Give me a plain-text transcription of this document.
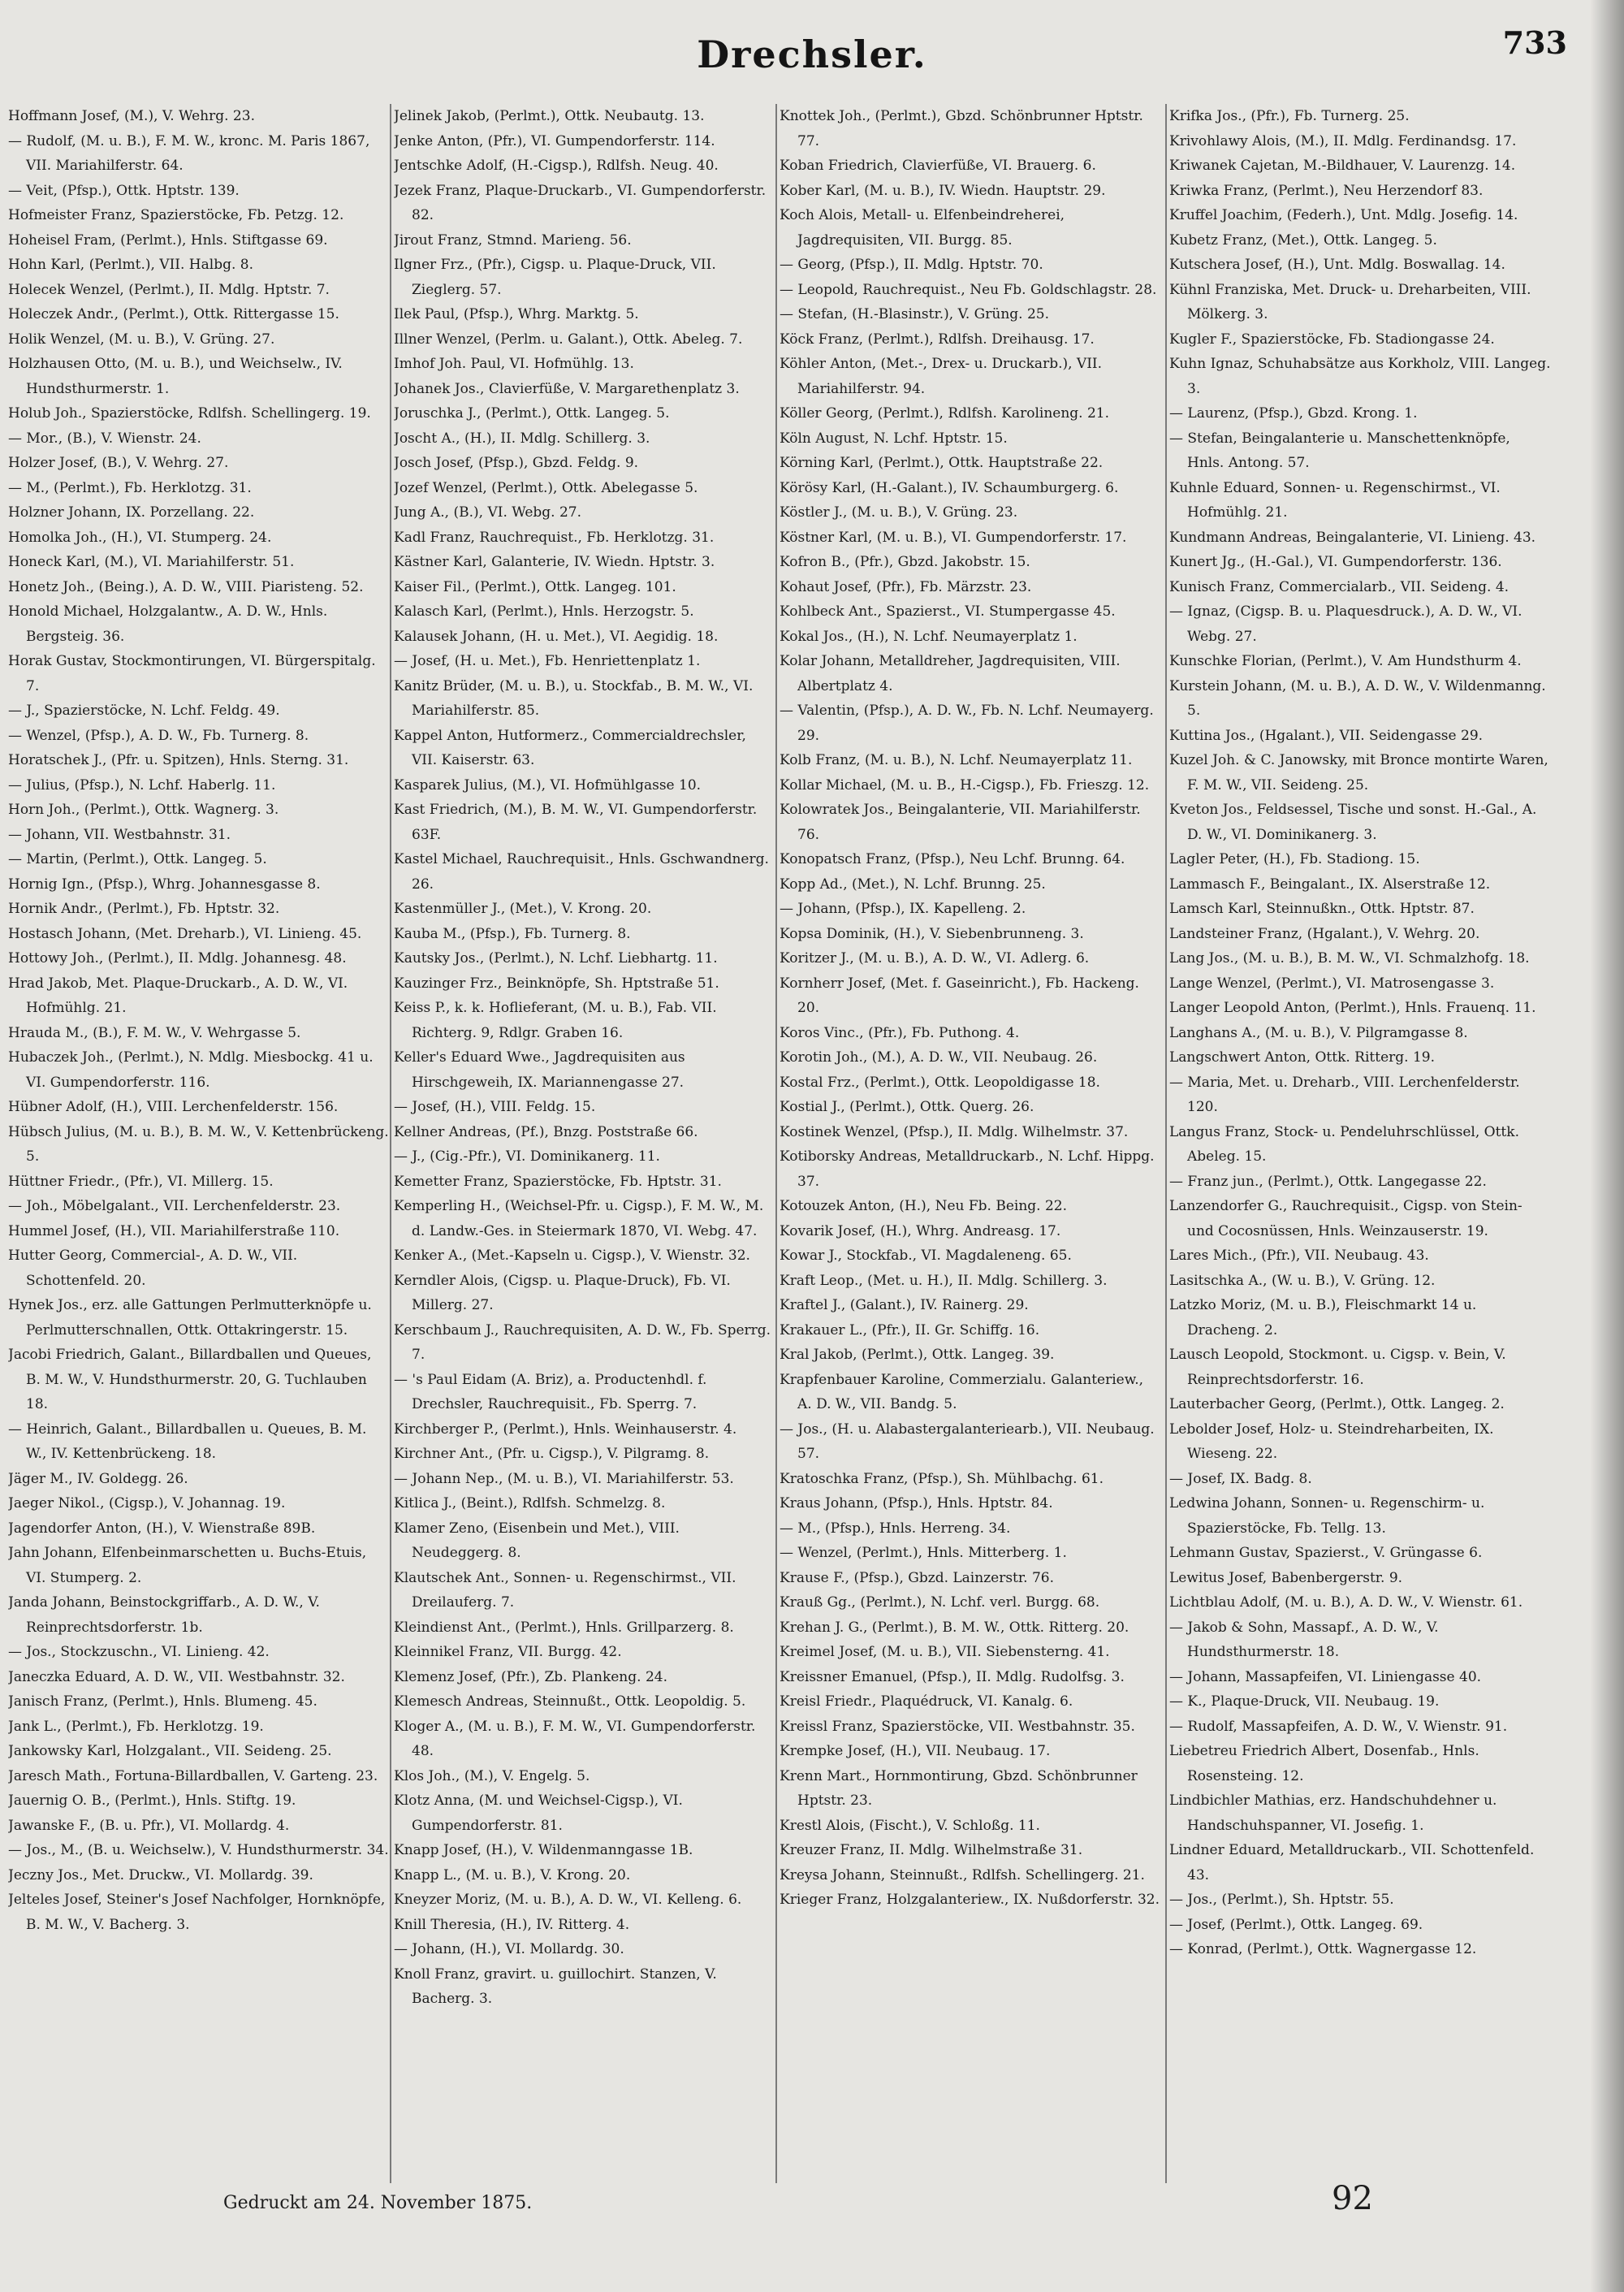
Drechsler.	733

Hoffmann Josef, (M.), V. Wehrg. 23.

— Rudolf, (M. u. B.), F. M. W., kronc. M. Paris 1867, VII. Mariahilferstr. 64.

— Veit, (Pfsp.), Ottk. Hptstr. 139.

Hofmeister Franz, Spazierstöcke, Fb. Petzg. 12.

Hoheisel Fram, (Perlmt.), Hnls. Stiftgasse 69.

Hohn Karl, (Perlmt.), VII. Halbg. 8.

Holecek Wenzel, (Perlmt.), II. Mdlg. Hptstr. 7.

Holeczek Andr., (Perlmt.), Ottk. Rittergasse 15.

Holik Wenzel, (M. u. B.), V. Grüng. 27.

Holzhausen Otto, (M. u. B.), und Weichselw., IV. Hundsthurmerstr. 1.

Holub Joh., Spazierstöcke, Rdlfsh. Schellingerg. 19.

— Mor., (B.), V. Wienstr. 24.

Holzer Josef, (B.), V. Wehrg. 27.

— M., (Perlmt.), Fb. Herklotzg. 31.

Holzner Johann, IX. Porzellang. 22.

Homolka Joh., (H.), VI. Stumperg. 24.

Honeck Karl, (M.), VI. Mariahilferstr. 51.

Honetz Joh., (Being.), A. D. W., VIII. Piaristeng. 52.

Honold Michael, Holzgalantw., A. D. W., Hnls. Bergsteig. 36.

Horak Gustav, Stockmontirungen, VI. Bürgerspitalg. 7.

— J., Spazierstöcke, N. Lchf. Feldg. 49.

— Wenzel, (Pfsp.), A. D. W., Fb. Turnerg. 8.

Horatschek J., (Pfr. u. Spitzen), Hnls. Sterng. 31.

— Julius, (Pfsp.), N. Lchf. Haberlg. 11.

Horn Joh., (Perlmt.), Ottk. Wagnerg. 3.

— Johann, VII. Westbahnstr. 31.

— Martin, (Perlmt.), Ottk. Langeg. 5.

Hornig Ign., (Pfsp.), Whrg. Johannesgasse 8.

Hornik Andr., (Perlmt.), Fb. Hptstr. 32.

Hostasch Johann, (Met. Dreharb.), VI. Linieng. 45.

Hottowy Joh., (Perlmt.), II. Mdlg. Johannesg. 48.

Hrad Jakob, Met. Plaque-Druckarb., A. D. W., VI. Hofmühlg. 21.

Hrauda M., (B.), F. M. W., V. Wehrgasse 5.

Hubaczek Joh., (Perlmt.), N. Mdlg. Miesbockg. 41 u. VI. Gumpendorferstr. 116.

Hübner Adolf, (H.), VIII. Lerchenfelderstr. 156.

Hübsch Julius, (M. u. B.), B. M. W., V. Kettenbrückeng. 5.

Hüttner Friedr., (Pfr.), VI. Millerg. 15.

— Joh., Möbelgalant., VII. Lerchenfelderstr. 23.

Hummel Josef, (H.), VII. Mariahilferstraße 110.

Hutter Georg, Commercial-, A. D. W., VII. Schottenfeld. 20.

Hynek Jos., erz. alle Gattungen Perlmutterknöpfe u. Perlmutterschnallen, Ottk. Ottakringerstr. 15.

Jacobi Friedrich, Galant., Billardballen und Queues, B. M. W., V. Hundsthurmerstr. 20, G. Tuchlauben 18.

— Heinrich, Galant., Billardballen u. Queues, B. M. W., IV. Kettenbrückeng. 18.

Jäger M., IV. Goldegg. 26.

Jaeger Nikol., (Cigsp.), V. Johannag. 19.

Jagendorfer Anton, (H.), V. Wienstraße 89B.

Jahn Johann, Elfenbeinmarschetten u. Buchs-Etuis, VI. Stumperg. 2.

Janda Johann, Beinstockgriffarb., A. D. W., V. Reinprechtsdorferstr. 1b.

— Jos., Stockzuschn., VI. Linieng. 42.

Janeczka Eduard, A. D. W., VII. Westbahnstr. 32.

Janisch Franz, (Perlmt.), Hnls. Blumeng. 45.

Jank L., (Perlmt.), Fb. Herklotzg. 19.

Jankowsky Karl, Holzgalant., VII. Seideng. 25.

Jaresch Math., Fortuna-Billardballen, V. Garteng. 23.

Jauernig O. B., (Perlmt.), Hnls. Stiftg. 19.

Jawanske F., (B. u. Pfr.), VI. Mollardg. 4.

— Jos., M., (B. u. Weichselw.), V. Hundsthurmerstr. 34.

Jeczny Jos., Met. Druckw., VI. Mollardg. 39.

Jelteles Josef, Steiner's Josef Nachfolger, Hornknöpfe, B. M. W., V. Bacherg. 3.

Jelinek Jakob, (Perlmt.), Ottk. Neubautg. 13.

Jenke Anton, (Pfr.), VI. Gumpendorferstr. 114.

Jentschke Adolf, (H.-Cigsp.), Rdlfsh. Neug. 40.

Jezek Franz, Plaque-Druckarb., VI. Gumpendorferstr. 82.

Jirout Franz, Stmnd. Marieng. 56.

Ilgner Frz., (Pfr.), Cigsp. u. Plaque-Druck, VII. Zieglerg. 57.

Ilek Paul, (Pfsp.), Whrg. Marktg. 5.

Illner Wenzel, (Perlm. u. Galant.), Ottk. Abeleg. 7.

Imhof Joh. Paul, VI. Hofmühlg. 13.

Johanek Jos., Clavierfüße, V. Margarethenplatz 3.

Joruschka J., (Perlmt.), Ottk. Langeg. 5.

Joscht A., (H.), II. Mdlg. Schillerg. 3.

Josch Josef, (Pfsp.), Gbzd. Feldg. 9.

Jozef Wenzel, (Perlmt.), Ottk. Abelegasse 5.

Jung A., (B.), VI. Webg. 27.

Kadl Franz, Rauchrequist., Fb. Herklotzg. 31.

Kästner Karl, Galanterie, IV. Wiedn. Hptstr. 3.

Kaiser Fil., (Perlmt.), Ottk. Langeg. 101.

Kalasch Karl, (Perlmt.), Hnls. Herzogstr. 5.

Kalausek Johann, (H. u. Met.), VI. Aegidig. 18.

— Josef, (H. u. Met.), Fb. Henriettenplatz 1.

Kanitz Brüder, (M. u. B.), u. Stockfab., B. M. W., VI. Mariahilferstr. 85.

Kappel Anton, Hutformerz., Commercialdrechsler, VII. Kaiserstr. 63.

Kasparek Julius, (M.), VI. Hofmühlgasse 10.

Kast Friedrich, (M.), B. M. W., VI. Gumpendorferstr. 63F.

Kastel Michael, Rauchrequisit., Hnls. Gschwandnerg. 26.

Kastenmüller J., (Met.), V. Krong. 20.

Kauba M., (Pfsp.), Fb. Turnerg. 8.

Kautsky Jos., (Perlmt.), N. Lchf. Liebhartg. 11.

Kauzinger Frz., Beinknöpfe, Sh. Hptstraße 51.

Keiss P., k. k. Hoflieferant, (M. u. B.), Fab. VII. Richterg. 9, Rdlgr. Graben 16.

Keller's Eduard Wwe., Jagdrequisiten aus Hirschgeweih, IX. Mariannengasse 27.

— Josef, (H.), VIII. Feldg. 15.

Kellner Andreas, (Pf.), Bnzg. Poststraße 66.

— J., (Cig.-Pfr.), VI. Dominikanerg. 11.

Kemetter Franz, Spazierstöcke, Fb. Hptstr. 31.

Kemperling H., (Weichsel-Pfr. u. Cigsp.), F. M. W., M. d. Landw.-Ges. in Steiermark 1870, VI. Webg. 47.

Kenker A., (Met.-Kapseln u. Cigsp.), V. Wienstr. 32.

Kerndler Alois, (Cigsp. u. Plaque-Druck), Fb. VI. Millerg. 27.

Kerschbaum J., Rauchrequisiten, A. D. W., Fb. Sperrg. 7.

— 's Paul Eidam (A. Briz), a. Productenhdl. f. Drechsler, Rauchrequisit., Fb. Sperrg. 7.

Kirchberger P., (Perlmt.), Hnls. Weinhauserstr. 4.

Kirchner Ant., (Pfr. u. Cigsp.), V. Pilgramg. 8.

— Johann Nep., (M. u. B.), VI. Mariahilferstr. 53.

Kitlica J., (Beint.), Rdlfsh. Schmelzg. 8.

Klamer Zeno, (Eisenbein und Met.), VIII. Neudeggerg. 8.

Klautschek Ant., Sonnen- u. Regenschirmst., VII. Dreilauferg. 7.

Kleindienst Ant., (Perlmt.), Hnls. Grillparzerg. 8.

Kleinnikel Franz, VII. Burgg. 42.

Klemenz Josef, (Pfr.), Zb. Plankeng. 24.

Klemesch Andreas, Steinnußt., Ottk. Leopoldig. 5.

Kloger A., (M. u. B.), F. M. W., VI. Gumpendorferstr. 48.

Klos Joh., (M.), V. Engelg. 5.

Klotz Anna, (M. und Weichsel-Cigsp.), VI. Gumpendorferstr. 81.

Knapp Josef, (H.), V. Wildenmanngasse 1B.

Knapp L., (M. u. B.), V. Krong. 20.

Kneyzer Moriz, (M. u. B.), A. D. W., VI. Kelleng. 6.

Knill Theresia, (H.), IV. Ritterg. 4.

— Johann, (H.), VI. Mollardg. 30.

Knoll Franz, gravirt. u. guillochirt. Stanzen, V. Bacherg. 3.

Knottek Joh., (Perlmt.), Gbzd. Schönbrunner Hptstr. 77.

Koban Friedrich, Clavierfüße, VI. Brauerg. 6.

Kober Karl, (M. u. B.), IV. Wiedn. Hauptstr. 29.

Koch Alois, Metall- u. Elfenbeindreherei, Jagdrequisiten, VII. Burgg. 85.

— Georg, (Pfsp.), II. Mdlg. Hptstr. 70.

— Leopold, Rauchrequist., Neu Fb. Goldschlagstr. 28.

— Stefan, (H.-Blasinstr.), V. Grüng. 25.

Köck Franz, (Perlmt.), Rdlfsh. Dreihausg. 17.

Köhler Anton, (Met.-, Drex- u. Druckarb.), VII. Mariahilferstr. 94.

Köller Georg, (Perlmt.), Rdlfsh. Karolineng. 21.

Köln August, N. Lchf. Hptstr. 15.

Körning Karl, (Perlmt.), Ottk. Hauptstraße 22.

Körösy Karl, (H.-Galant.), IV. Schaumburgerg. 6.

Köstler J., (M. u. B.), V. Grüng. 23.

Köstner Karl, (M. u. B.), VI. Gumpendorferstr. 17.

Kofron B., (Pfr.), Gbzd. Jakobstr. 15.

Kohaut Josef, (Pfr.), Fb. Märzstr. 23.

Kohlbeck Ant., Spazierst., VI. Stumpergasse 45.

Kokal Jos., (H.), N. Lchf. Neumayerplatz 1.

Kolar Johann, Metalldreher, Jagdrequisiten, VIII. Albertplatz 4.

— Valentin, (Pfsp.), A. D. W., Fb. N. Lchf. Neumayerg. 29.

Kolb Franz, (M. u. B.), N. Lchf. Neumayerplatz 11.

Kollar Michael, (M. u. B., H.-Cigsp.), Fb. Frieszg. 12.

Kolowratek Jos., Beingalanterie, VII. Mariahilferstr. 76.

Konopatsch Franz, (Pfsp.), Neu Lchf. Brunng. 64.

Kopp Ad., (Met.), N. Lchf. Brunng. 25.

— Johann, (Pfsp.), IX. Kapelleng. 2.

Kopsa Dominik, (H.), V. Siebenbrunneng. 3.

Koritzer J., (M. u. B.), A. D. W., VI. Adlerg. 6.

Kornherr Josef, (Met. f. Gaseinricht.), Fb. Hackeng. 20.

Koros Vinc., (Pfr.), Fb. Puthong. 4.

Korotin Joh., (M.), A. D. W., VII. Neubaug. 26.

Kostal Frz., (Perlmt.), Ottk. Leopoldigasse 18.

Kostial J., (Perlmt.), Ottk. Querg. 26.

Kostinek Wenzel, (Pfsp.), II. Mdlg. Wilhelmstr. 37.

Kotiborsky Andreas, Metalldruckarb., N. Lchf. Hippg. 37.

Kotouzek Anton, (H.), Neu Fb. Being. 22.

Kovarik Josef, (H.), Whrg. Andreasg. 17.

Kowar J., Stockfab., VI. Magdaleneng. 65.

Kraft Leop., (Met. u. H.), II. Mdlg. Schillerg. 3.

Kraftel J., (Galant.), IV. Rainerg. 29.

Krakauer L., (Pfr.), II. Gr. Schiffg. 16.

Kral Jakob, (Perlmt.), Ottk. Langeg. 39.

Krapfenbauer Karoline, Commerzialu. Galanteriew., A. D. W., VII. Bandg. 5.

— Jos., (H. u. Alabastergalanteriearb.), VII. Neubaug. 57.

Kratoschka Franz, (Pfsp.), Sh. Mühlbachg. 61.

Kraus Johann, (Pfsp.), Hnls. Hptstr. 84.

— M., (Pfsp.), Hnls. Herreng. 34.

— Wenzel, (Perlmt.), Hnls. Mitterberg. 1.

Krause F., (Pfsp.), Gbzd. Lainzerstr. 76.

Krauß Gg., (Perlmt.), N. Lchf. verl. Burgg. 68.

Krehan J. G., (Perlmt.), B. M. W., Ottk. Ritterg. 20.

Kreimel Josef, (M. u. B.), VII. Siebensterng. 41.

Kreissner Emanuel, (Pfsp.), II. Mdlg. Rudolfsg. 3.

Kreisl Friedr., Plaquédruck, VI. Kanalg. 6.

Kreissl Franz, Spazierstöcke, VII. Westbahnstr. 35.

Krempke Josef, (H.), VII. Neubaug. 17.

Krenn Mart., Hornmontirung, Gbzd. Schönbrunner Hptstr. 23.

Krestl Alois, (Fischt.), V. Schloßg. 11.

Kreuzer Franz, II. Mdlg. Wilhelmstraße 31.

Kreysa Johann, Steinnußt., Rdlfsh. Schellingerg. 21.

Krieger Franz, Holzgalanteriew., IX. Nußdorferstr. 32.

Krifka Jos., (Pfr.), Fb. Turnerg. 25.

Krivohlawy Alois, (M.), II. Mdlg. Ferdinandsg. 17.

Kriwanek Cajetan, M.-Bildhauer, V. Laurenzg. 14.

Kriwka Franz, (Perlmt.), Neu Herzendorf 83.

Kruffel Joachim, (Federh.), Unt. Mdlg. Josefig. 14.

Kubetz Franz, (Met.), Ottk. Langeg. 5.

Kutschera Josef, (H.), Unt. Mdlg. Boswallag. 14.

Kühnl Franziska, Met. Druck- u. Dreharbeiten, VIII. Mölkerg. 3.

Kugler F., Spazierstöcke, Fb. Stadiongasse 24.

Kuhn Ignaz, Schuhabsätze aus Korkholz, VIII. Langeg. 3.

— Laurenz, (Pfsp.), Gbzd. Krong. 1.

— Stefan, Beingalanterie u. Manschettenknöpfe, Hnls. Antong. 57.

Kuhnle Eduard, Sonnen- u. Regenschirmst., VI. Hofmühlg. 21.

Kundmann Andreas, Beingalanterie, VI. Linieng. 43.

Kunert Jg., (H.-Gal.), VI. Gumpendorferstr. 136.

Kunisch Franz, Commercialarb., VII. Seideng. 4.

— Ignaz, (Cigsp. B. u. Plaquesdruck.), A. D. W., VI. Webg. 27.

Kunschke Florian, (Perlmt.), V. Am Hundsthurm 4.

Kurstein Johann, (M. u. B.), A. D. W., V. Wildenmanng. 5.

Kuttina Jos., (Hgalant.), VII. Seidengasse 29.

Kuzel Joh. & C. Janowsky, mit Bronce montirte Waren, F. M. W., VII. Seideng. 25.

Kveton Jos., Feldsessel, Tische und sonst. H.-Gal., A. D. W., VI. Dominikanerg. 3.

Lagler Peter, (H.), Fb. Stadiong. 15.

Lammasch F., Beingalant., IX. Alserstraße 12.

Lamsch Karl, Steinnußkn., Ottk. Hptstr. 87.

Landsteiner Franz, (Hgalant.), V. Wehrg. 20.

Lang Jos., (M. u. B.), B. M. W., VI. Schmalzhofg. 18.

Lange Wenzel, (Perlmt.), VI. Matrosengasse 3.

Langer Leopold Anton, (Perlmt.), Hnls. Frauenq. 11.

Langhans A., (M. u. B.), V. Pilgramgasse 8.

Langschwert Anton, Ottk. Ritterg. 19.

— Maria, Met. u. Dreharb., VIII. Lerchenfelderstr. 120.

Langus Franz, Stock- u. Pendeluhrschlüssel, Ottk. Abeleg. 15.

— Franz jun., (Perlmt.), Ottk. Langegasse 22.

Lanzendorfer G., Rauchrequisit., Cigsp. von Stein- und Cocosnüssen, Hnls. Weinzauserstr. 19.

Lares Mich., (Pfr.), VII. Neubaug. 43.

Lasitschka A., (W. u. B.), V. Grüng. 12.

Latzko Moriz, (M. u. B.), Fleischmarkt 14 u. Dracheng. 2.

Lausch Leopold, Stockmont. u. Cigsp. v. Bein, V. Reinprechtsdorferstr. 16.

Lauterbacher Georg, (Perlmt.), Ottk. Langeg. 2.

Lebolder Josef, Holz- u. Steindreharbeiten, IX. Wieseng. 22.

— Josef, IX. Badg. 8.

Ledwina Johann, Sonnen- u. Regenschirm- u. Spazierstöcke, Fb. Tellg. 13.

Lehmann Gustav, Spazierst., V. Grüngasse 6.

Lewitus Josef, Babenbergerstr. 9.

Lichtblau Adolf, (M. u. B.), A. D. W., V. Wienstr. 61.

— Jakob & Sohn, Massapf., A. D. W., V. Hundsthurmerstr. 18.

— Johann, Massapfeifen, VI. Liniengasse 40.

— K., Plaque-Druck, VII. Neubaug. 19.

— Rudolf, Massapfeifen, A. D. W., V. Wienstr. 91.

Liebetreu Friedrich Albert, Dosenfab., Hnls. Rosensteing. 12.

Lindbichler Mathias, erz. Handschuhdehner u. Handschuhspanner, VI. Josefig. 1.

Lindner Eduard, Metalldruckarb., VII. Schottenfeld. 43.

— Jos., (Perlmt.), Sh. Hptstr. 55.

— Josef, (Perlmt.), Ottk. Langeg. 69.

— Konrad, (Perlmt.), Ottk. Wagnergasse 12.

Gedruckt am 24. November 1875.	92
